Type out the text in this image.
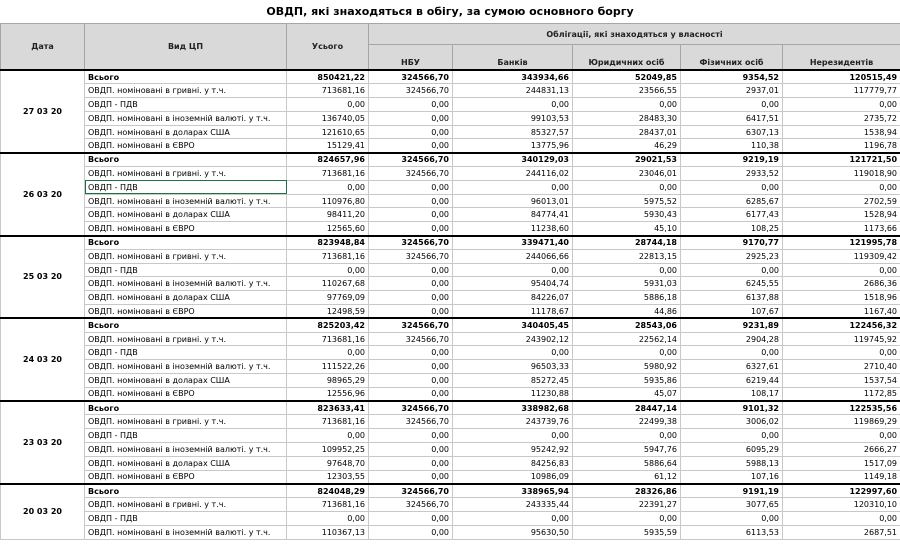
ОВДП, які знаходяться в обігу, за сумою основного боргу
Дата	Вид ЦП	Усього	Облігації, які знаходяться у власності				
			НБУ	Банків	Юридичних осіб	Фізичних осіб	Нерезидентів
27 03 20	Всього	850421,22	324566,70	343934,66	52049,85	9354,52	120515,49
	ОВДП. номіновані в гривні. у т.ч.	713681,16	324566,70	244831,13	23566,55	2937,01	117779,77
	ОВДП - ПДВ	0,00	0,00	0,00	0,00	0,00	0,00
	ОВДП. номіновані в іноземній валюті. у т.ч.	136740,05	0,00	99103,53	28483,30	6417,51	2735,72
	ОВДП. номіновані в доларах США	121610,65	0,00	85327,57	28437,01	6307,13	1538,94
	ОВДП. номіновані в ЄВРО	15129,41	0,00	13775,96	46,29	110,38	1196,78
26 03 20	Всього	824657,96	324566,70	340129,03	29021,53	9219,19	121721,50
	ОВДП. номіновані в гривні. у т.ч.	713681,16	324566,70	244116,02	23046,01	2933,52	119018,90
	ОВДП - ПДВ	0,00	0,00	0,00	0,00	0,00	0,00
	ОВДП. номіновані в іноземній валюті. у т.ч.	110976,80	0,00	96013,01	5975,52	6285,67	2702,59
	ОВДП. номіновані в доларах США	98411,20	0,00	84774,41	5930,43	6177,43	1528,94
	ОВДП. номіновані в ЄВРО	12565,60	0,00	11238,60	45,10	108,25	1173,66
25 03 20	Всього	823948,84	324566,70	339471,40	28744,18	9170,77	121995,78
	ОВДП. номіновані в гривні. у т.ч.	713681,16	324566,70	244066,66	22813,15	2925,23	119309,42
	ОВДП - ПДВ	0,00	0,00	0,00	0,00	0,00	0,00
	ОВДП. номіновані в іноземній валюті. у т.ч.	110267,68	0,00	95404,74	5931,03	6245,55	2686,36
	ОВДП. номіновані в доларах США	97769,09	0,00	84226,07	5886,18	6137,88	1518,96
	ОВДП. номіновані в ЄВРО	12498,59	0,00	11178,67	44,86	107,67	1167,40
24 03 20	Всього	825203,42	324566,70	340405,45	28543,06	9231,89	122456,32
	ОВДП. номіновані в гривні. у т.ч.	713681,16	324566,70	243902,12	22562,14	2904,28	119745,92
	ОВДП - ПДВ	0,00	0,00	0,00	0,00	0,00	0,00
	ОВДП. номіновані в іноземній валюті. у т.ч.	111522,26	0,00	96503,33	5980,92	6327,61	2710,40
	ОВДП. номіновані в доларах США	98965,29	0,00	85272,45	5935,86	6219,44	1537,54
	ОВДП. номіновані в ЄВРО	12556,96	0,00	11230,88	45,07	108,17	1172,85
23 03 20	Всього	823633,41	324566,70	338982,68	28447,14	9101,32	122535,56
	ОВДП. номіновані в гривні. у т.ч.	713681,16	324566,70	243739,76	22499,38	3006,02	119869,29
	ОВДП - ПДВ	0,00	0,00	0,00	0,00	0,00	0,00
	ОВДП. номіновані в іноземній валюті. у т.ч.	109952,25	0,00	95242,92	5947,76	6095,29	2666,27
	ОВДП. номіновані в доларах США	97648,70	0,00	84256,83	5886,64	5988,13	1517,09
	ОВДП. номіновані в ЄВРО	12303,55	0,00	10986,09	61,12	107,16	1149,18
20 03 20	Всього	824048,29	324566,70	338965,94	28326,86	9191,19	122997,60
	ОВДП. номіновані в гривні. у т.ч.	713681,16	324566,70	243335,44	22391,27	3077,65	120310,10
	ОВДП - ПДВ	0,00	0,00	0,00	0,00	0,00	0,00
	ОВДП. номіновані в іноземній валюті. у т.ч.	110367,13	0,00	95630,50	5935,59	6113,53	2687,51
